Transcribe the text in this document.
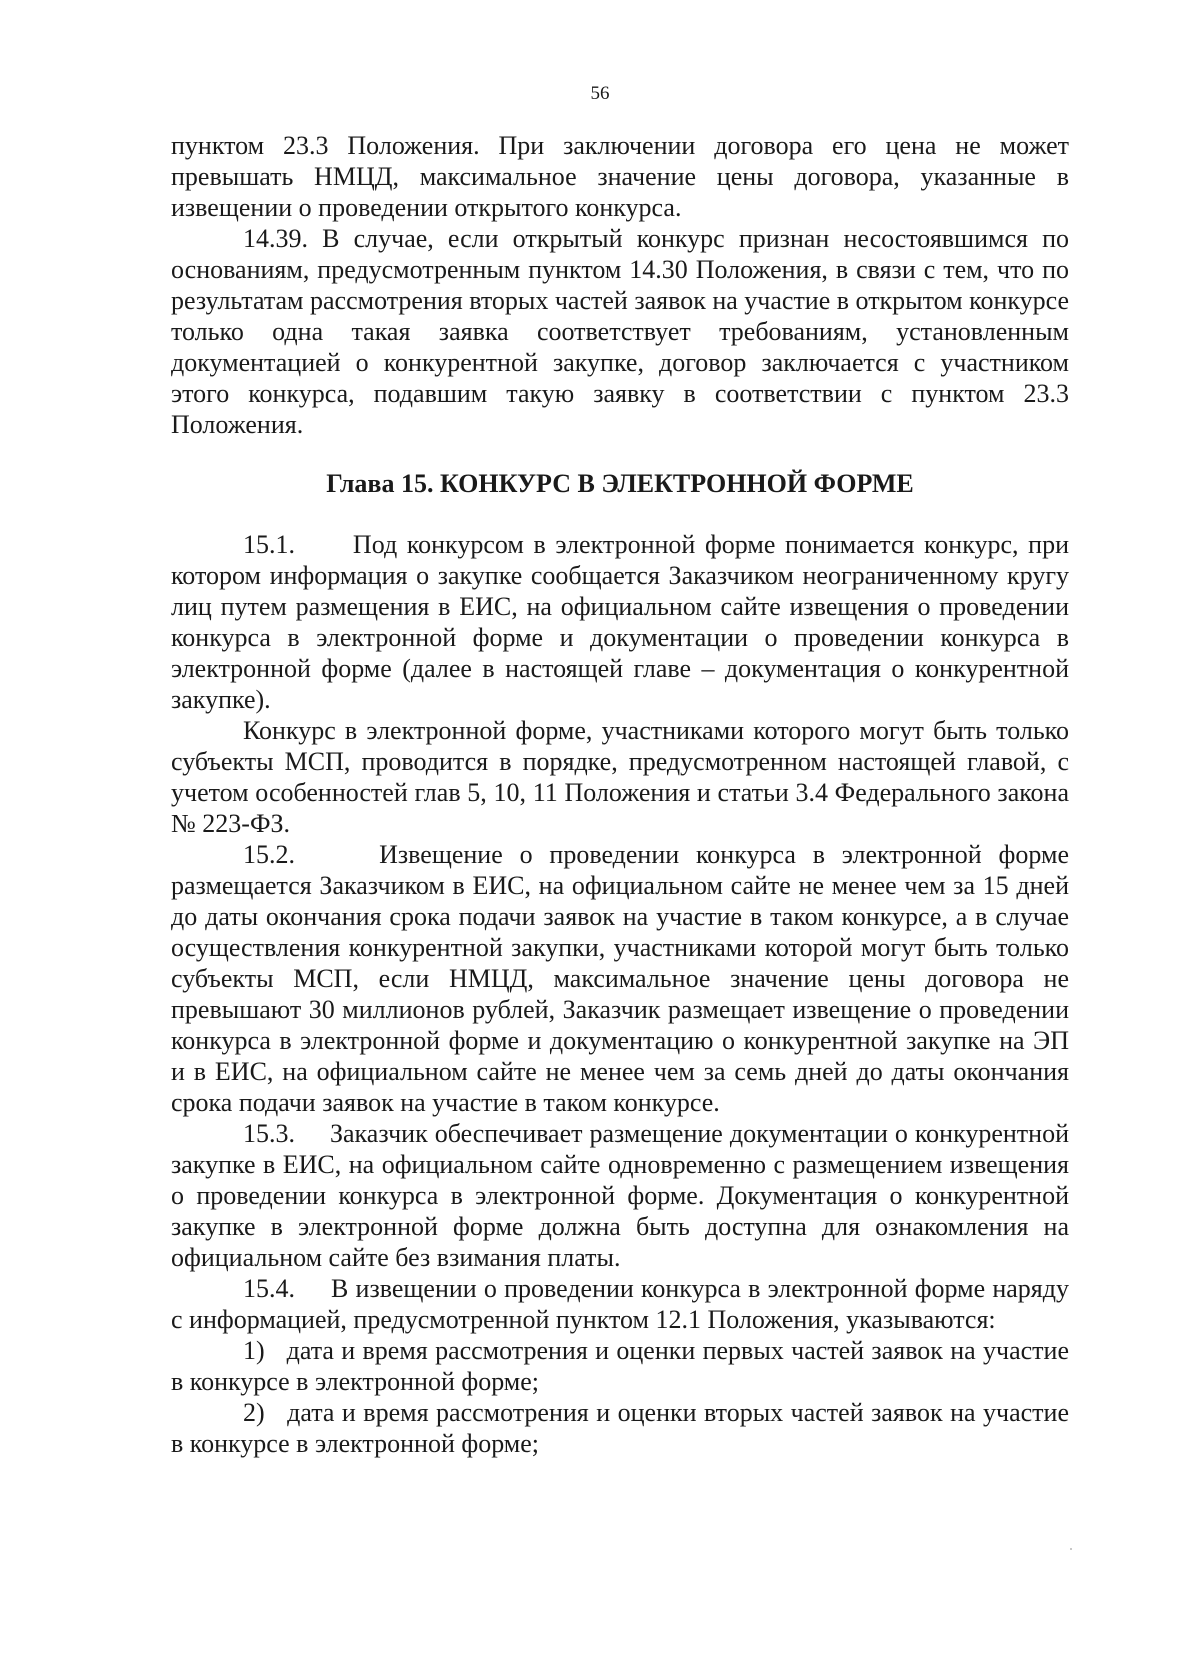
56

пунктом 23.3 Положения. При заключении договора его цена не может превышать НМЦД, максимальное значение цены договора, указанные в извещении о проведении открытого конкурса.

14.39. В случае, если открытый конкурс признан несостоявшимся по основаниям, предусмотренным пунктом 14.30 Положения, в связи с тем, что по результатам рассмотрения вторых частей заявок на участие в открытом конкурсе только одна такая заявка соответствует требованиям, установленным документацией о конкурентной закупке, договор заключается с участником этого конкурса, подавшим такую заявку в соответствии с пунктом 23.3 Положения.

Глава 15. КОНКУРС В ЭЛЕКТРОННОЙ ФОРМЕ

15.1.      Под конкурсом в электронной форме понимается конкурс, при котором информация о закупке сообщается Заказчиком неограниченному кругу лиц путем размещения в ЕИС, на официальном сайте извещения о проведении конкурса в электронной форме и документации о проведении конкурса в электронной форме (далее в настоящей главе – документация о конкурентной закупке).

Конкурс в электронной форме, участниками которого могут быть только субъекты МСП, проводится в порядке, предусмотренном настоящей главой, с учетом особенностей глав 5, 10, 11 Положения и статьи 3.4 Федерального закона № 223-ФЗ.

15.2.     Извещение о проведении конкурса в электронной форме размещается Заказчиком в ЕИС, на официальном сайте не менее чем за 15 дней до даты окончания срока подачи заявок на участие в таком конкурсе, а в случае осуществления конкурентной закупки, участниками которой могут быть только субъекты МСП, если НМЦД, максимальное значение цены договора не превышают 30 миллионов рублей, Заказчик размещает извещение о проведении конкурса в электронной форме и документацию о конкурентной закупке на ЭП и в ЕИС, на официальном сайте не менее чем за семь дней до даты окончания срока подачи заявок на участие в таком конкурсе.

15.3.     Заказчик обеспечивает размещение документации о конкурентной закупке в ЕИС, на официальном сайте одновременно с размещением извещения о проведении конкурса в электронной форме. Документация о конкурентной закупке в электронной форме должна быть доступна для ознакомления на официальном сайте без взимания платы.

15.4.     В извещении о проведении конкурса в электронной форме наряду с информацией, предусмотренной пунктом 12.1 Положения, указываются:

1)   дата и время рассмотрения и оценки первых частей заявок на участие в конкурсе в электронной форме;

2)   дата и время рассмотрения и оценки вторых частей заявок на участие в конкурсе в электронной форме;
